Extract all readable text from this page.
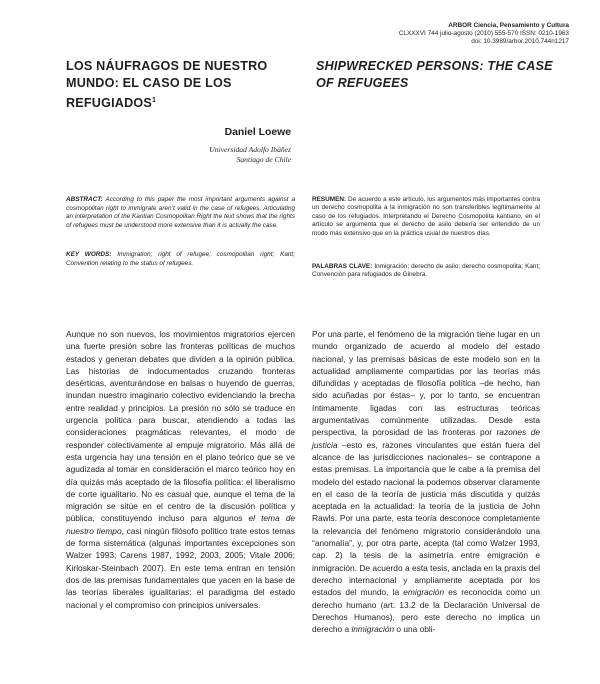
ARBOR Ciencia, Pensamiento y Cultura
CLXXXVI 744 julio-agosto (2010) 555-570 ISSN: 0210-1963
doi: 10.3989/arbor.2010.744n1217
LOS NÁUFRAGOS DE NUESTRO MUNDO: EL CASO DE LOS REFUGIADOS$^1$
SHIPWRECKED PERSONS: THE CASE OF REFUGEES
Daniel Loewe
Universidad Adolfo Ibáñez
Santiago de Chile
ABSTRACT: According to this paper the most important arguments against a cosmopolitan right to immigrate aren’t valid in the case of refugees. Articulating an interpretation of the Kantian Cosmopolitan Right the text shows that the rights of refugees must be understood more extensive than it is actually the case.
KEY WORDS: Immigration; right of refugee; cosmopolitan right; Kant; Convention relating to the status of refugees.
RESUMEN: De acuerdo a este artículo, los argumentos más importantes contra un derecho cosmopolita a la inmigración no son transferibles legítimamente al caso de los refugiados. Interpretando el Derecho Cosmopolita kantiano, en el artículo se argumenta que el derecho de asilo debería ser entendido de un modo más extensivo que en la práctica usual de nuestros días.
PALABRAS CLAVE: Inmigración; derecho de asilo; derecho cosmopolita; Kant; Convención para refugiados de Ginebra.

Aunque no son nuevos, los movimientos migratorios ejercen una fuerte presión sobre las fronteras políticas de muchos estados y generan debates que dividen a la opinión pública. Las historias de indocumentados cruzando fronteras desérticas, aventurándose en balsas o huyendo de guerras, inundan nuestro imaginario colectivo evidenciando la brecha entre realidad y principios. La presión no sólo se traduce en urgencia política para buscar, atendiendo a todas las consideraciones pragmáticas relevantes, el modo de responder colectivamente al empuje migratorio. Más allá de esta urgencia hay una tensión en el plano teórico que se ve agudizada al tomar en consideración el marco teórico hoy en día quizás más aceptado de la filosofía política: el liberalismo de corte igualitario. No es casual que, aunque el tema de la migración se sitúe en el centro de la discusión política y pública, constituyendo incluso para algunos el tema de nuestro tiempo, casi ningún filósofo político trate estos temas de forma sistemática (algunas importantes excepciones son Walzer 1993; Carens 1987, 1992, 2003, 2005; Vitale 2006; Kirloskar-Steinbach 2007). En este tema entran en tensión dos de las premisas fundamentales que yacen en la base de las teorías liberales igualitarias: el paradigma del estado nacional y el compromiso con principios universales.

Por una parte, el fenómeno de la migración tiene lugar en un mundo organizado de acuerdo al modelo del estado nacional, y las premisas básicas de este modelo son en la actualidad ampliamente compartidas por las teorías más difundidas y aceptadas de filosofía política –de hecho, han sido acuñadas por éstas– y, por lo tanto, se encuentran íntimamente ligadas con las estructuras teóricas argumentativas comúnmente utilizadas. Desde esta perspectiva, la porosidad de las fronteras por razones de justicia –esto es, razones vinculantes que están fuera del alcance de las jurisdicciones nacionales– se contrapone a estas premisas. La importancia que le cabe a la premisa del modelo del estado nacional la podemos observar claramente en el caso de la teoría de justicia más discutida y quizás aceptada en la actualidad: la teoría de la justicia de John Rawls. Por una parte, esta teoría desconoce completamente la relevancia del fenómeno migratorio considerándolo una “anomalía”, y, por otra parte, acepta (tal como Walzer 1993, cap. 2) la tesis de la asimetría entre emigración e inmigración. De acuerdo a esta tesis, anclada en la praxis del derecho internacional y ampliamente aceptada por los estados del mundo, la emigración es reconocida como un derecho humano (art. 13.2 de la Declaración Universal de Derechos Humanos), pero este derecho no implica un derecho a inmigración o una obli-
